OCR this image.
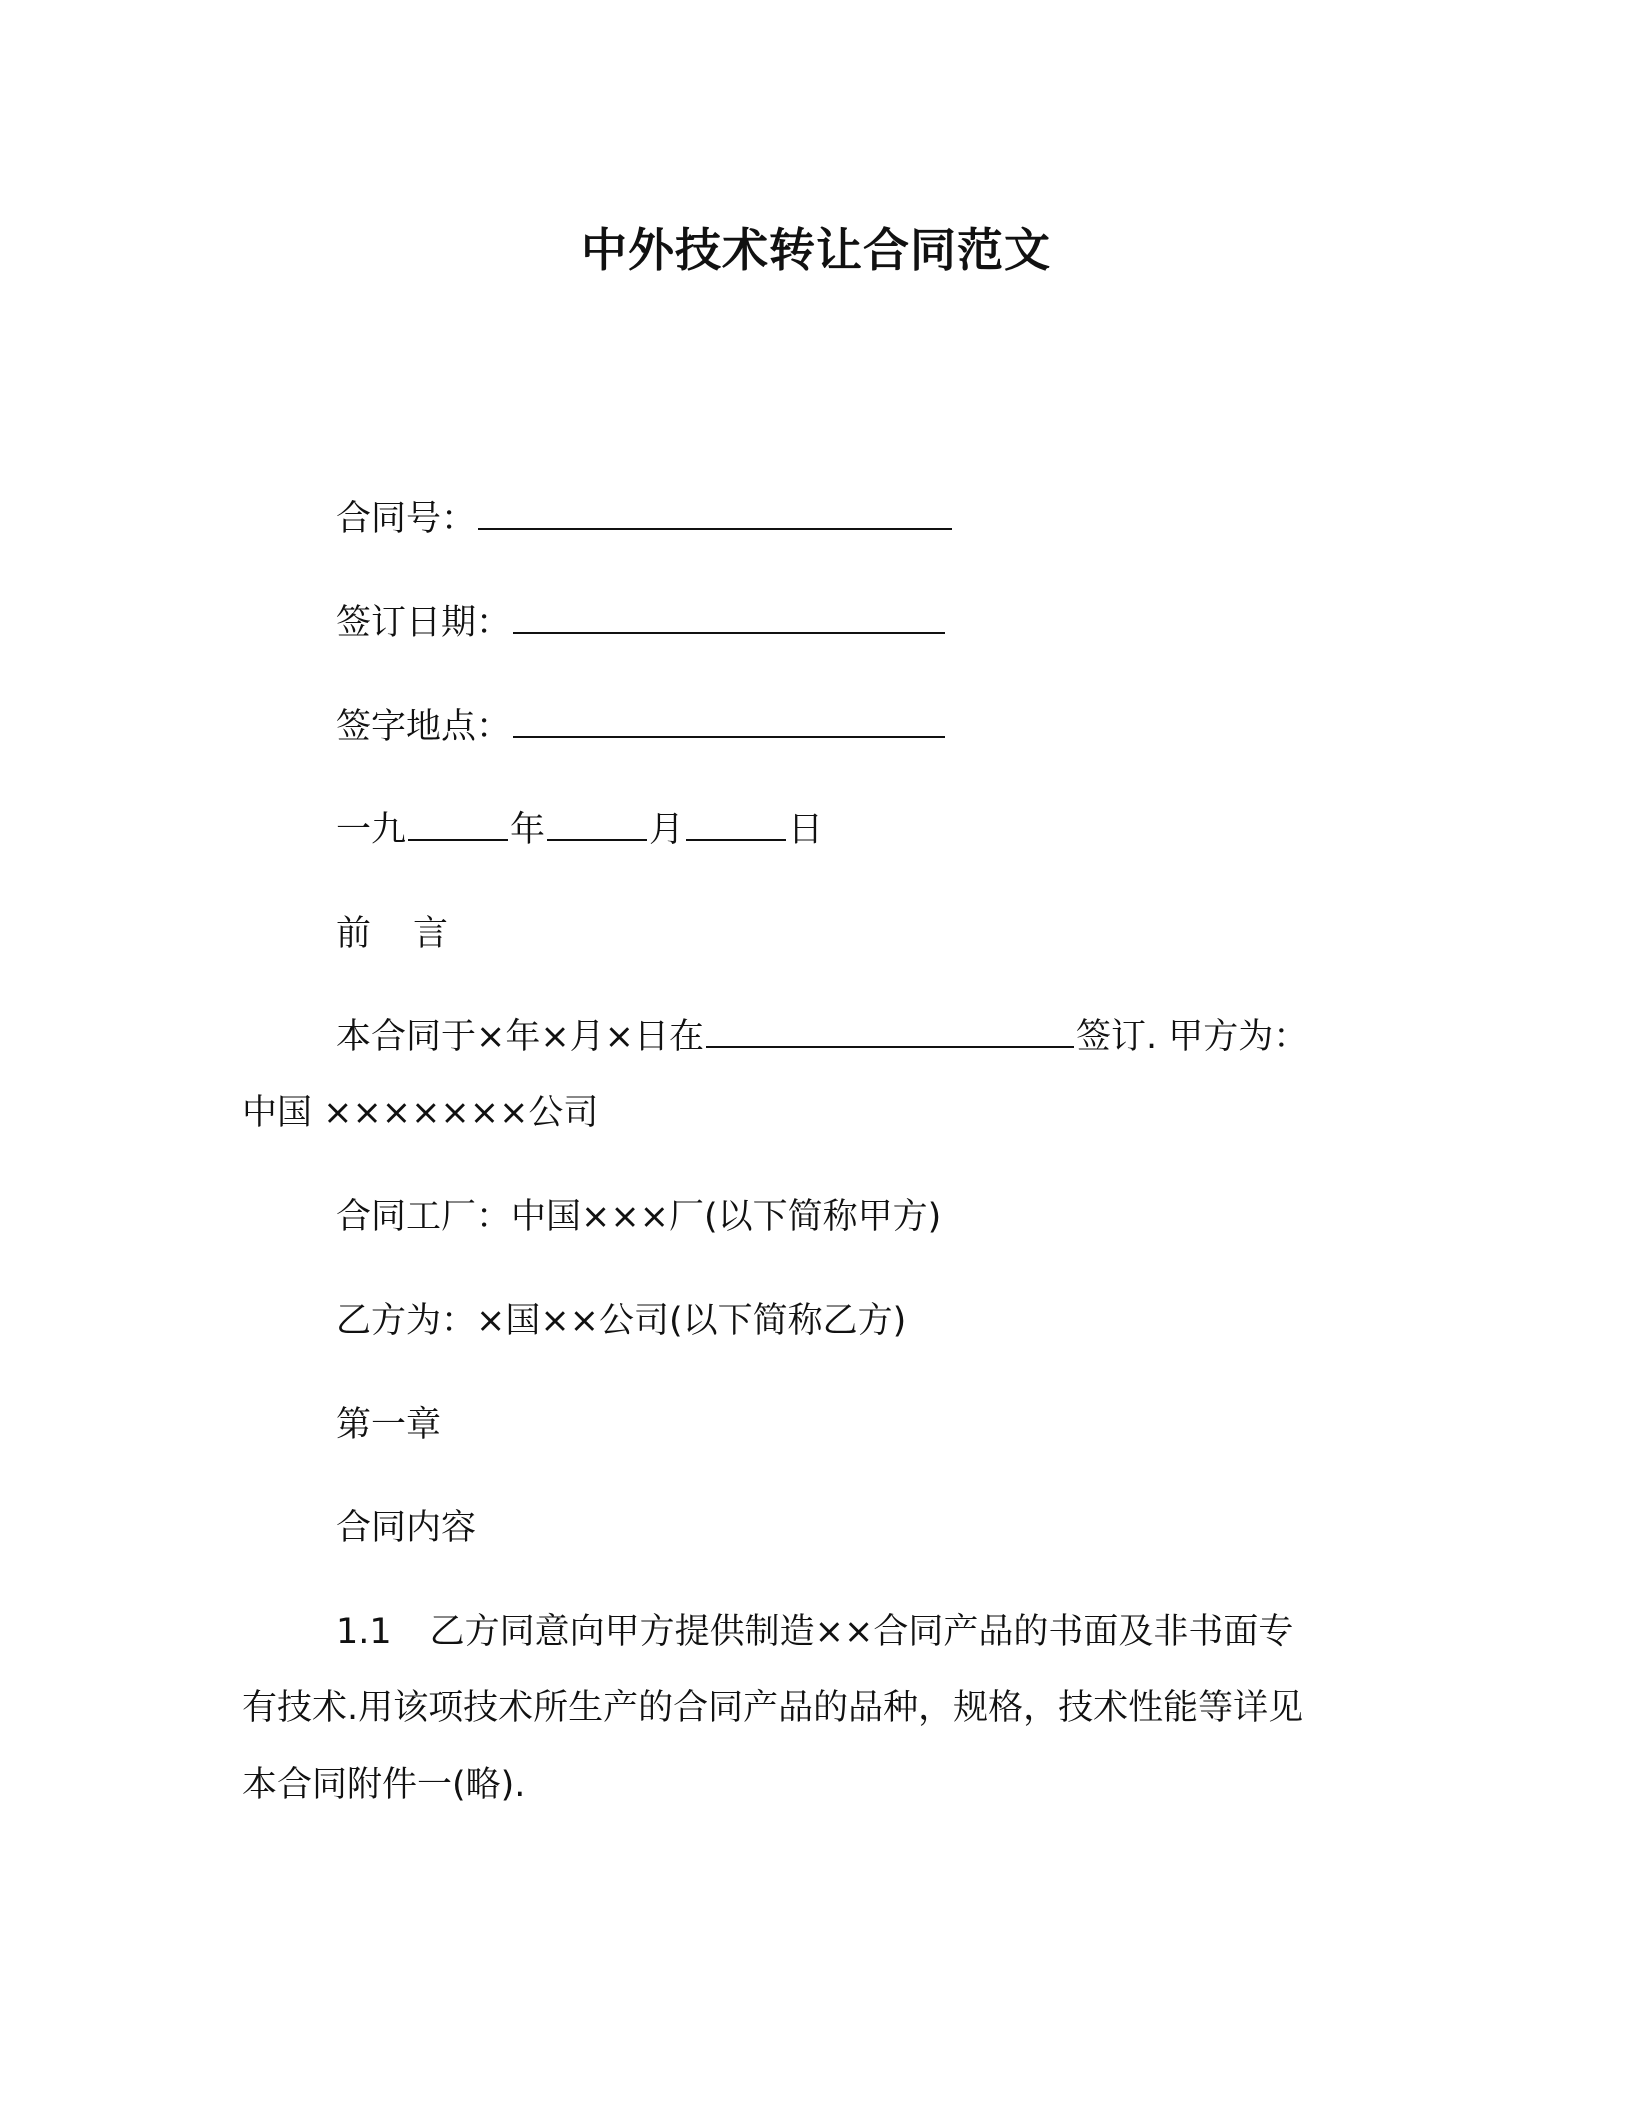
中外技术转让合同范文
合同号：
签订日期：
签字地点：
一九	年	月	日
前言
本合同于×年×月×日在	签订. 甲方为：
中国 ×××××××公司
合同工厂：中国×××厂(以下简称甲方)
乙方为：×国××公司(以下简称乙方)
第一章
合同内容
1.1 乙方同意向甲方提供制造××合同产品的书面及非书面专
有技术.用该项技术所生产的合同产品的品种，规格，技术性能等详见
本合同附件一(略).
